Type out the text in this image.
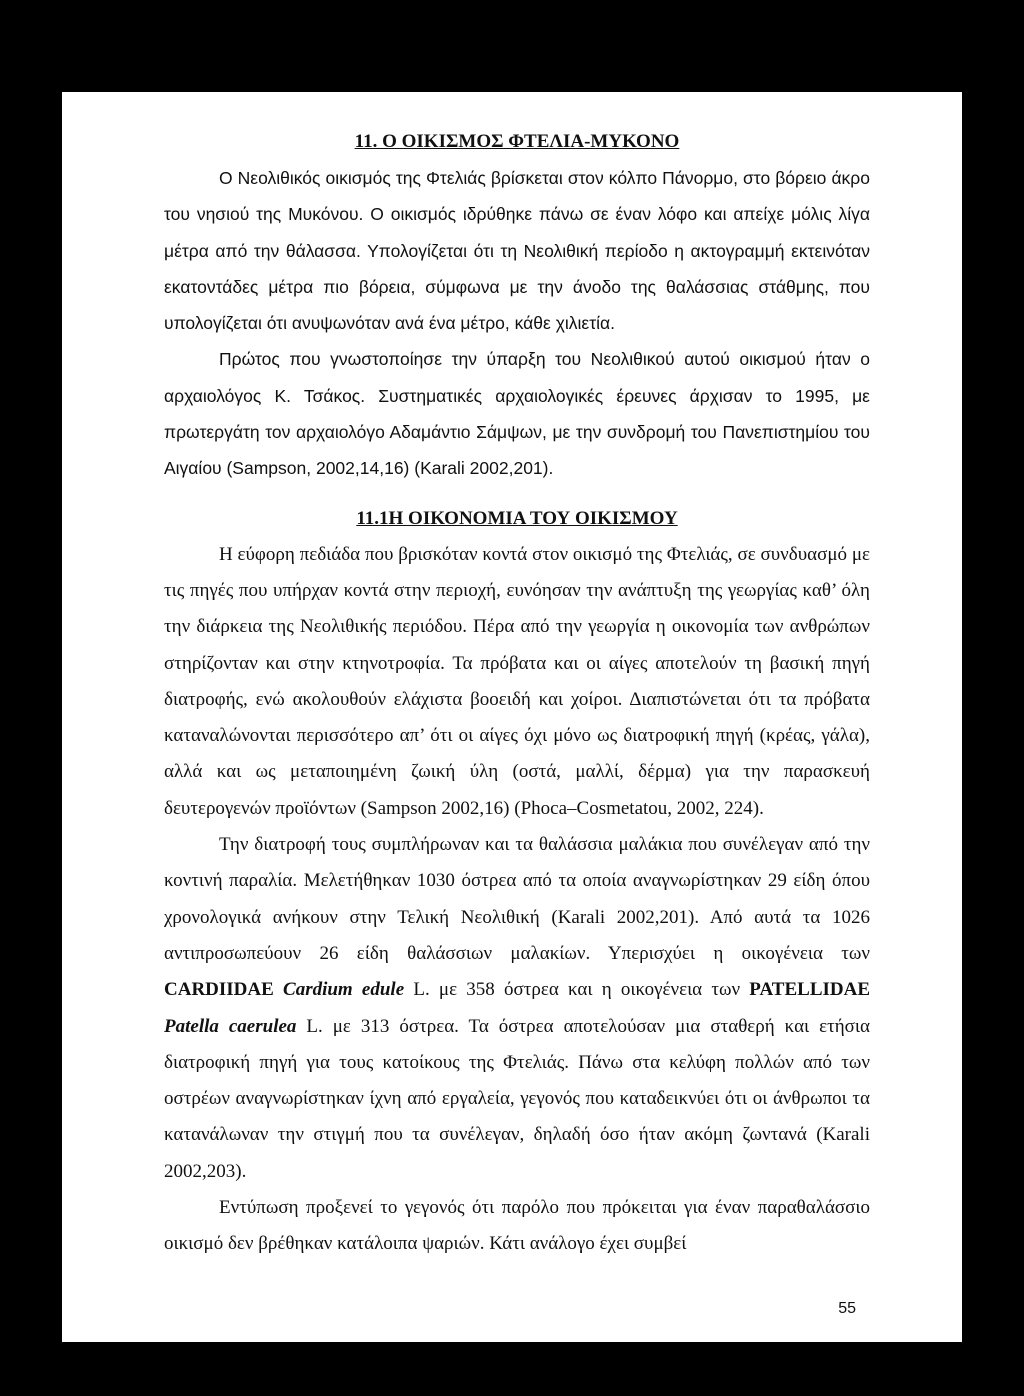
11. Ο ΟΙΚΙΣΜΟΣ ΦΤΕΛΙΑ-ΜΥΚΟΝΟ

Ο Νεολιθικός οικισμός της Φτελιάς βρίσκεται στον κόλπο Πάνορμο, στο βόρειο άκρο του νησιού της Μυκόνου. Ο οικισμός ιδρύθηκε πάνω σε έναν λόφο και απείχε μόλις λίγα μέτρα από την θάλασσα. Υπολογίζεται ότι τη Νεολιθική περίοδο η ακτογραμμή εκτεινόταν εκατοντάδες μέτρα πιο βόρεια, σύμφωνα με την άνοδο της θαλάσσιας στάθμης, που υπολογίζεται ότι ανυψωνόταν ανά ένα μέτρο, κάθε χιλιετία.

Πρώτος που γνωστοποίησε την ύπαρξη του Νεολιθικού αυτού οικισμού ήταν ο αρχαιολόγος Κ. Τσάκος. Συστηματικές αρχαιολογικές έρευνες άρχισαν το 1995, με πρωτεργάτη τον αρχαιολόγο Αδαμάντιο Σάμψων, με την συνδρομή του Πανεπιστημίου του Αιγαίου (Sampson, 2002,14,16) (Karali 2002,201).

11.1Η ΟΙΚΟΝΟΜΙΑ ΤΟΥ ΟΙΚΙΣΜΟΥ

Η εύφορη πεδιάδα που βρισκόταν κοντά στον οικισμό της Φτελιάς, σε συνδυασμό με τις πηγές που υπήρχαν κοντά στην περιοχή, ευνόησαν την ανάπτυξη της γεωργίας καθ’ όλη την διάρκεια της Νεολιθικής περιόδου. Πέρα από την γεωργία η οικονομία των ανθρώπων στηρίζονταν και στην κτηνοτροφία. Τα πρόβατα και οι αίγες αποτελούν τη βασική πηγή διατροφής, ενώ ακολουθούν ελάχιστα βοοειδή και χοίροι. Διαπιστώνεται ότι τα πρόβατα καταναλώνονται περισσότερο απ’ ότι οι αίγες όχι μόνο ως διατροφική πηγή (κρέας, γάλα), αλλά και ως μεταποιημένη ζωική ύλη (οστά, μαλλί, δέρμα) για την παρασκευή δευτερογενών προϊόντων (Sampson 2002,16) (Phoca–Cosmetatou, 2002, 224).

Την διατροφή τους συμπλήρωναν και τα θαλάσσια μαλάκια που συνέλεγαν από την κοντινή παραλία. Μελετήθηκαν 1030 όστρεα από τα οποία αναγνωρίστηκαν 29 είδη όπου χρονολογικά ανήκουν στην Τελική Νεολιθική (Karali 2002,201). Από αυτά τα 1026 αντιπροσωπεύουν 26 είδη θαλάσσιων μαλακίων. Υπερισχύει η οικογένεια των CARDIIDAE Cardium edule L. με 358 όστρεα και η οικογένεια των PATELLIDAE Patella caerulea L. με 313 όστρεα. Τα όστρεα αποτελούσαν μια σταθερή και ετήσια διατροφική πηγή για τους κατοίκους της Φτελιάς. Πάνω στα κελύφη πολλών από των οστρέων αναγνωρίστηκαν ίχνη από εργαλεία, γεγονός που καταδεικνύει ότι οι άνθρωποι τα κατανάλωναν την στιγμή που τα συνέλεγαν, δηλαδή όσο ήταν ακόμη ζωντανά (Karali 2002,203).

Εντύπωση προξενεί το γεγονός ότι παρόλο που πρόκειται για έναν παραθαλάσσιο οικισμό δεν βρέθηκαν κατάλοιπα ψαριών. Κάτι ανάλογο έχει συμβεί

55
